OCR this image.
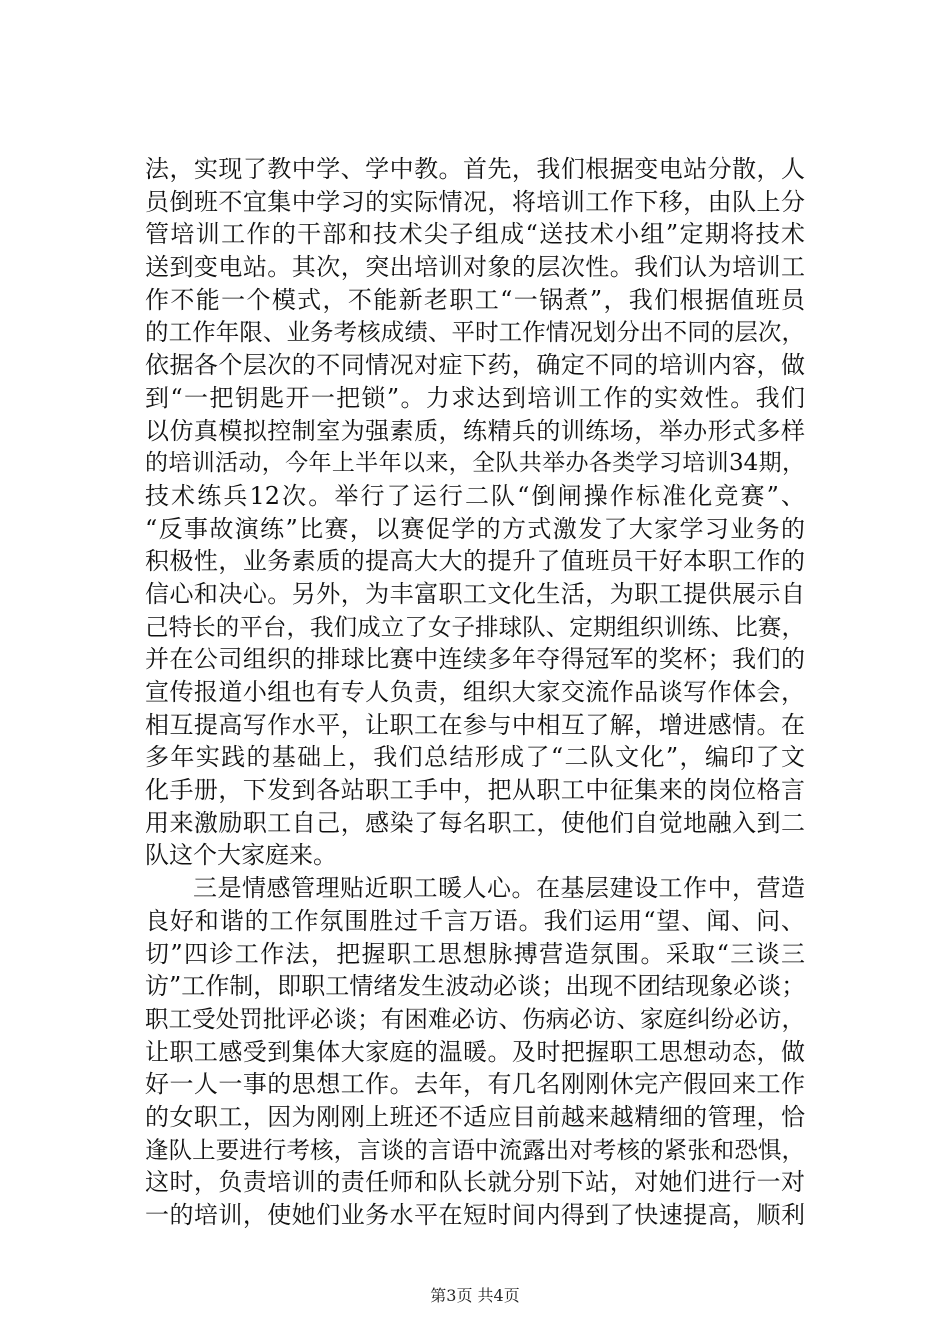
法，实现了教中学、学中教。首先，我们根据变电站分散，人
员倒班不宜集中学习的实际情况，将培训工作下移，由队上分
管培训工作的干部和技术尖子组成“送技术小组”定期将技术
送到变电站。其次，突出培训对象的层次性。我们认为培训工
作不能一个模式，不能新老职工“一锅煮”，我们根据值班员
的工作年限、业务考核成绩、平时工作情况划分出不同的层次，
依据各个层次的不同情况对症下药，确定不同的培训内容，做
到“一把钥匙开一把锁”。力求达到培训工作的实效性。我们
以仿真模拟控制室为强素质，练精兵的训练场，举办形式多样
的培训活动，今年上半年以来，全队共举办各类学习培训34期，
技术练兵12次。举行了运行二队“倒闸操作标准化竞赛”、
“反事故演练”比赛，以赛促学的方式激发了大家学习业务的
积极性，业务素质的提高大大的提升了值班员干好本职工作的
信心和决心。另外，为丰富职工文化生活，为职工提供展示自
己特长的平台，我们成立了女子排球队、定期组织训练、比赛，
并在公司组织的排球比赛中连续多年夺得冠军的奖杯；我们的
宣传报道小组也有专人负责，组织大家交流作品谈写作体会，
相互提高写作水平，让职工在参与中相互了解，增进感情。在
多年实践的基础上，我们总结形成了“二队文化”，编印了文
化手册，下发到各站职工手中，把从职工中征集来的岗位格言
用来激励职工自己，感染了每名职工，使他们自觉地融入到二
队这个大家庭来。
三是情感管理贴近职工暖人心。在基层建设工作中，营造
良好和谐的工作氛围胜过千言万语。我们运用“望、闻、问、
切”四诊工作法，把握职工思想脉搏营造氛围。采取“三谈三
访”工作制，即职工情绪发生波动必谈；出现不团结现象必谈；
职工受处罚批评必谈；有困难必访、伤病必访、家庭纠纷必访，
让职工感受到集体大家庭的温暖。及时把握职工思想动态，做
好一人一事的思想工作。去年，有几名刚刚休完产假回来工作
的女职工，因为刚刚上班还不适应目前越来越精细的管理，恰
逢队上要进行考核，言谈的言语中流露出对考核的紧张和恐惧，
这时，负责培训的责任师和队长就分别下站，对她们进行一对
一的培训，使她们业务水平在短时间内得到了快速提高，顺利
第3页 共4页
